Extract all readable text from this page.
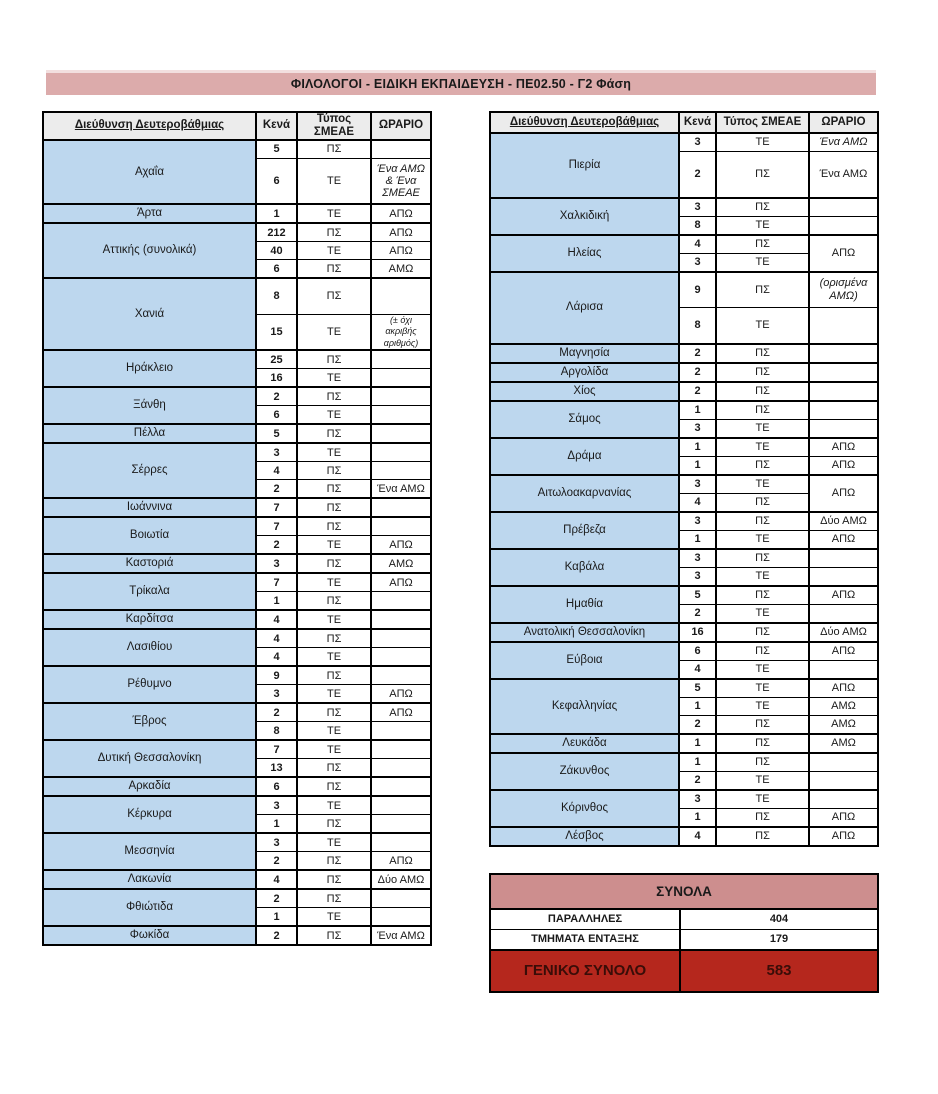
ΦΙΛΟΛΟΓΟΙ - ΕΙΔΙΚΗ ΕΚΠΑΙΔΕΥΣΗ - ΠΕ02.50 - Γ2 Φάση
Διεύθυνση Δευτεροβάθμιας	Κενά	Τύπος ΣΜΕΑΕ	ΩΡΑΡΙΟ
Αχαΐα	5	ΠΣ	
	6	ΤΕ	Ένα ΑΜΩ & Ένα ΣΜΕΑΕ
Άρτα	1	ΤΕ	ΑΠΩ
Αττικής (συνολικά)	212	ΠΣ	ΑΠΩ
	40	ΤΕ	ΑΠΩ
	6	ΠΣ	ΑΜΩ
Χανιά	8	ΠΣ	
	15	ΤΕ	(± όχι ακριβής αριθμός)
Ηράκλειο	25	ΠΣ	
	16	ΤΕ	
Ξάνθη	2	ΠΣ	
	6	ΤΕ	
Πέλλα	5	ΠΣ	
Σέρρες	3	ΤΕ	
	4	ΠΣ	
	2	ΠΣ	Ένα ΑΜΩ
Ιωάννινα	7	ΠΣ	
Βοιωτία	7	ΠΣ	
	2	ΤΕ	ΑΠΩ
Καστοριά	3	ΠΣ	ΑΜΩ
Τρίκαλα	7	ΤΕ	ΑΠΩ
	1	ΠΣ	
Καρδίτσα	4	ΤΕ	
Λασιθίου	4	ΠΣ	
	4	ΤΕ	
Ρέθυμνο	9	ΠΣ	
	3	ΤΕ	ΑΠΩ
Έβρος	2	ΠΣ	ΑΠΩ
	8	ΤΕ	
Δυτική Θεσσαλονίκη	7	ΤΕ	
	13	ΠΣ	
Αρκαδία	6	ΠΣ	
Κέρκυρα	3	ΤΕ	
	1	ΠΣ	
Μεσσηνία	3	ΤΕ	
	2	ΠΣ	ΑΠΩ
Λακωνία	4	ΠΣ	Δύο ΑΜΩ
Φθιώτιδα	2	ΠΣ	
	1	ΤΕ	
Φωκίδα	2	ΠΣ	Ένα ΑΜΩ
Διεύθυνση Δευτεροβάθμιας	Κενά	Τύπος ΣΜΕΑΕ	ΩΡΑΡΙΟ
Πιερία	3	ΤΕ	Ένα ΑΜΩ
	2	ΠΣ	Ένα ΑΜΩ
Χαλκιδική	3	ΠΣ	
	8	ΤΕ	
Ηλείας	4	ΠΣ	ΑΠΩ
	3	ΤΕ	
Λάρισα	9	ΠΣ	(ορισμένα ΑΜΩ)
	8	ΤΕ	
Μαγνησία	2	ΠΣ	
Αργολίδα	2	ΠΣ	
Χίος	2	ΠΣ	
Σάμος	1	ΠΣ	
	3	ΤΕ	
Δράμα	1	ΤΕ	ΑΠΩ
	1	ΠΣ	ΑΠΩ
Αιτωλοακαρνανίας	3	ΤΕ	ΑΠΩ
	4	ΠΣ	
Πρέβεζα	3	ΠΣ	Δύο ΑΜΩ
	1	ΤΕ	ΑΠΩ
Καβάλα	3	ΠΣ	
	3	ΤΕ	
Ημαθία	5	ΠΣ	ΑΠΩ
	2	ΤΕ	
Ανατολική Θεσσαλονίκη	16	ΠΣ	Δύο ΑΜΩ
Εύβοια	6	ΠΣ	ΑΠΩ
	4	ΤΕ	
Κεφαλληνίας	5	ΤΕ	ΑΠΩ
	1	ΤΕ	ΑΜΩ
	2	ΠΣ	ΑΜΩ
Λευκάδα	1	ΠΣ	ΑΜΩ
Ζάκυνθος	1	ΠΣ	
	2	ΤΕ	
Κόρινθος	3	ΤΕ	
	1	ΠΣ	ΑΠΩ
Λέσβος	4	ΠΣ	ΑΠΩ
ΣΥΝΟΛΑ	
ΠΑΡΑΛΛΗΛΕΣ	404
ΤΜΗΜΑΤΑ ΕΝΤΑΞΗΣ	179
ΓΕΝΙΚΟ ΣΥΝΟΛΟ	583
